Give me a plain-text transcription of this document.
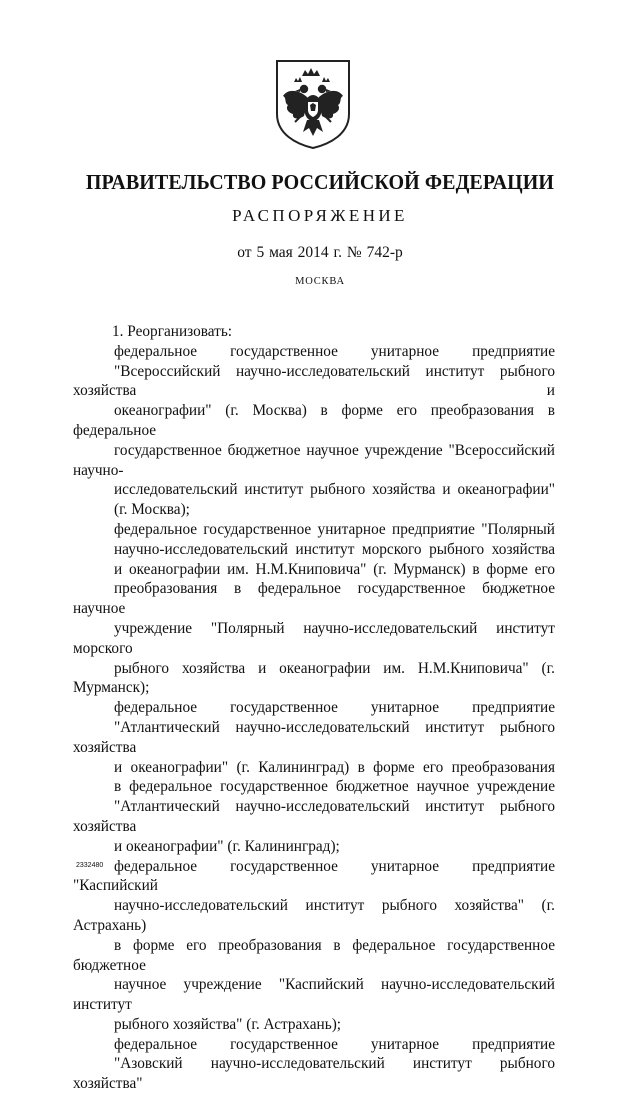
ПРАВИТЕЛЬСТВО РОССИЙСКОЙ ФЕДЕРАЦИИ
РАСПОРЯЖЕНИЕ
от 5 мая 2014 г. № 742-р
МОСКВА

1. Реорганизовать:

федеральное государственное унитарное предприятие
"Всероссийский научно-исследовательский институт рыбного хозяйства и
океанографии" (г. Москва) в форме его преобразования в федеральное
государственное бюджетное научное учреждение "Всероссийский научно-
исследовательский институт рыбного хозяйства и океанографии"
(г. Москва);

федеральное государственное унитарное предприятие "Полярный
научно-исследовательский институт морского рыбного хозяйства
и океанографии им. Н.М.Книповича" (г. Мурманск) в форме его
преобразования в федеральное государственное бюджетное научное
учреждение "Полярный научно-исследовательский институт морского
рыбного хозяйства и океанографии им. Н.М.Книповича" (г. Мурманск);

федеральное государственное унитарное предприятие
"Атлантический научно-исследовательский институт рыбного хозяйства
и океанографии" (г. Калининград) в форме его преобразования
в федеральное государственное бюджетное научное учреждение
"Атлантический научно-исследовательский институт рыбного хозяйства
и океанографии" (г. Калининград);

федеральное государственное унитарное предприятие "Каспийский
научно-исследовательский институт рыбного хозяйства" (г. Астрахань)
в форме его преобразования в федеральное государственное бюджетное
научное учреждение "Каспийский научно-исследовательский институт
рыбного хозяйства" (г. Астрахань);

федеральное государственное унитарное предприятие
"Азовский научно-исследовательский институт рыбного хозяйства"

2332480
